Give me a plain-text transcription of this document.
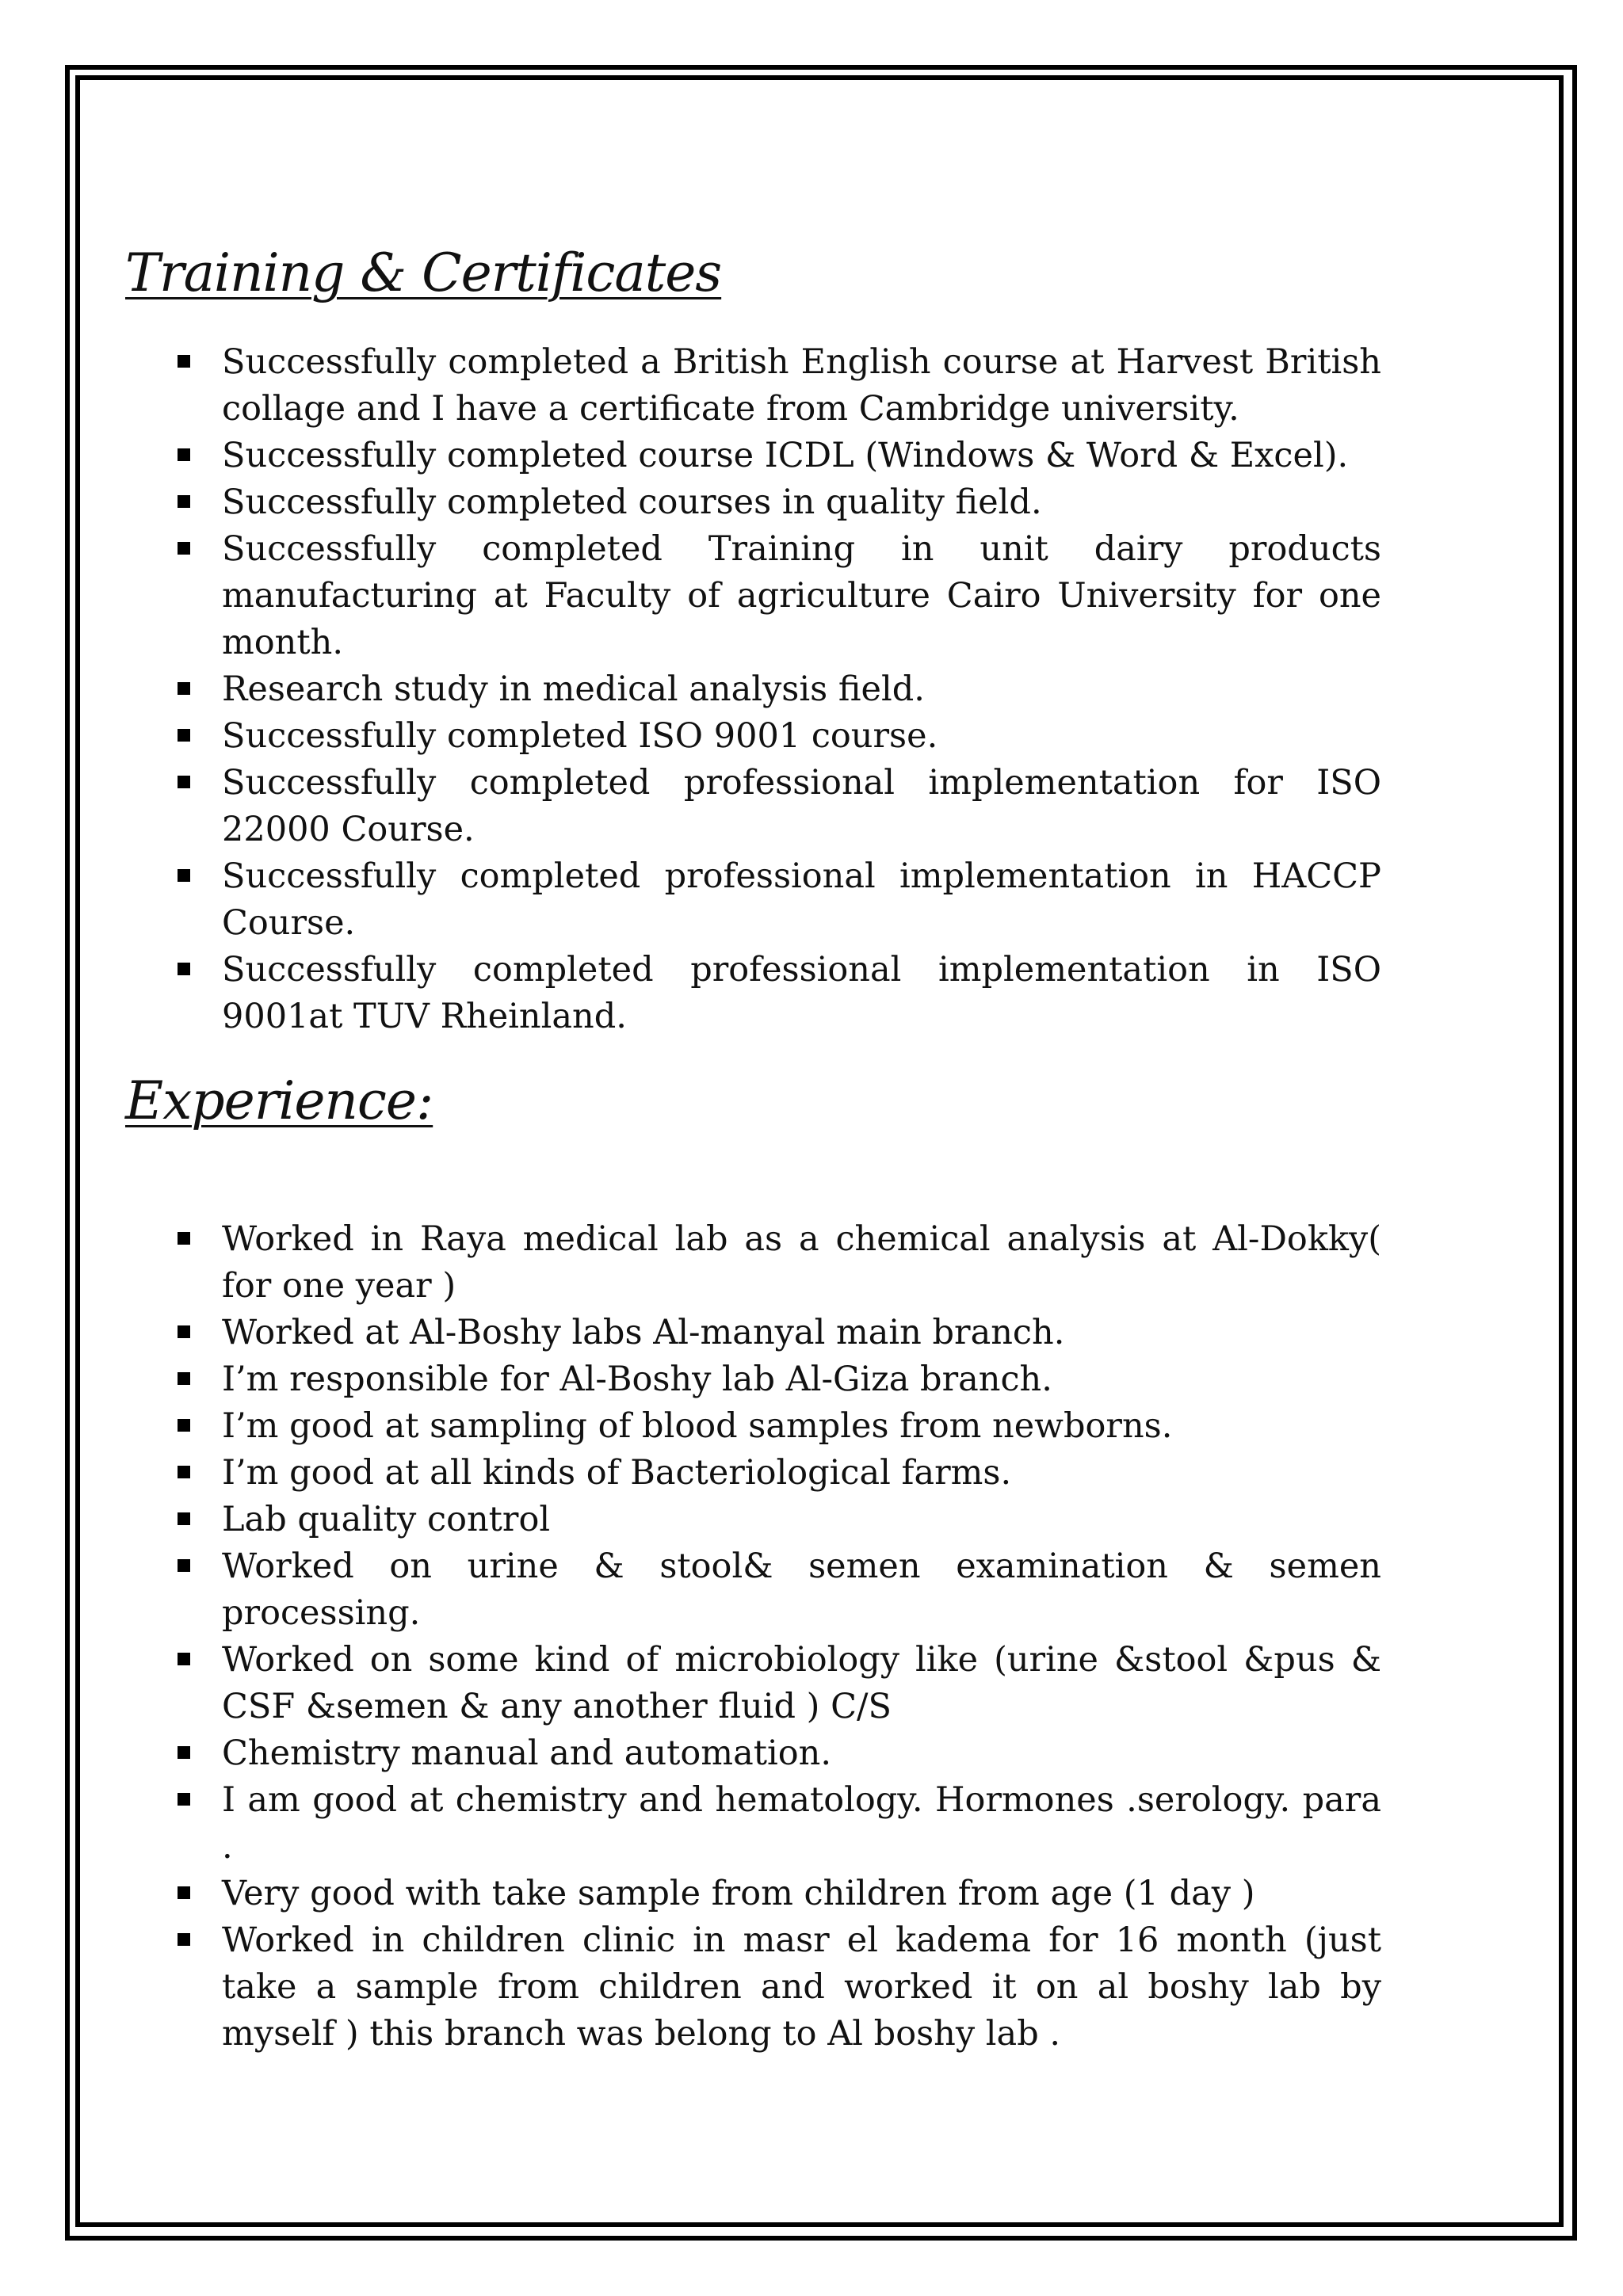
Training & Certificates
Successfully completed a British English course at Harvest British collage and I have a certificate from Cambridge university.
Successfully completed course ICDL (Windows & Word & Excel).
Successfully completed courses in quality field.
Successfully completed Training in unit dairy products manufacturing at Faculty of agriculture Cairo University for one month.
Research study in medical analysis field.
Successfully completed ISO 9001 course.
Successfully completed professional implementation for ISO 22000 Course.
Successfully completed professional implementation in HACCP Course.
Successfully completed professional implementation in ISO 9001at TUV Rheinland.
Experience:
Worked in Raya medical lab as a chemical analysis at Al-Dokky( for one year )
Worked at Al-Boshy labs Al-manyal main branch.
I’m responsible for Al-Boshy lab Al-Giza branch.
I’m good at sampling of blood samples from newborns.
I’m good at all kinds of Bacteriological farms.
Lab quality control
Worked on urine & stool& semen examination & semen processing.
Worked on some kind of microbiology like (urine &stool &pus & CSF &semen & any another fluid ) C/S
Chemistry manual and automation.
I am good at chemistry and hematology. Hormones .serology. para .
Very good with take sample from children from age (1 day )
Worked in children clinic in masr el kadema for 16 month (just take a sample from children and worked it on al boshy lab by myself ) this branch was belong to Al boshy lab .
